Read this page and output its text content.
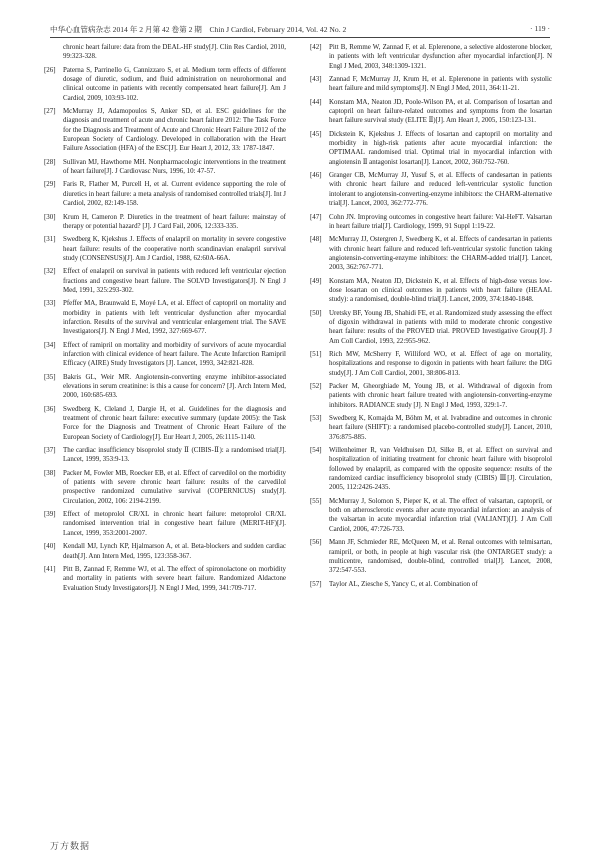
中华心血管病杂志 2014 年 2 月第 42 卷第 2 期　Chin J Cardiol, February 2014, Vol. 42 No. 2	· 119 ·
chronic heart failure: data from the DEAL-HF study[J]. Clin Res Cardiol, 2010, 99:323-328.
[26] Paterna S, Parrinello G, Cannizzaro S, et al. Medium term effects of different dosage of diuretic, sodium, and fluid administration on neurohormonal and clinical outcome in patients with recently compensated heart failure[J]. Am J Cardiol, 2009, 103:93-102.
[27] McMurray JJ, Adamopoulos S, Anker SD, et al. ESC guidelines for the diagnosis and treatment of acute and chronic heart failure 2012: The Task Force for the Diagnosis and Treatment of Acute and Chronic Heart Failure 2012 of the European Society of Cardiology. Developed in collaboration with the Heart Failure Association (HFA) of the ESC[J]. Eur Heart J, 2012, 33: 1787-1847.
[28] Sullivan MJ, Hawthorne MH. Nonpharmacologic interventions in the treatment of heart failure[J]. J Cardiovasc Nurs, 1996, 10: 47-57.
[29] Faris R, Flather M, Purcell H, et al. Current evidence supporting the role of diuretics in heart failure: a meta analysis of randomised controlled trials[J]. Int J Cardiol, 2002, 82:149-158.
[30] Krum H, Cameron P. Diuretics in the treatment of heart failure: mainstay of therapy or potential hazard? [J]. J Card Fail, 2006, 12:333-335.
[31] Swedberg K, Kjekshus J. Effects of enalapril on mortality in severe congestive heart failure: results of the cooperative north scandinavian enalapril survival study (CONSENSUS)[J]. Am J Cardiol, 1988, 62:60A-66A.
[32] Effect of enalapril on survival in patients with reduced left ventricular ejection fractions and congestive heart failure. The SOLVD Investigators[J]. N Engl J Med, 1991, 325:293-302.
[33] Pfeffer MA, Braunwald E, Moyé LA, et al. Effect of captopril on mortality and morbidity in patients with left ventricular dysfunction after myocardial infarction. Results of the survival and ventricular enlargement trial. The SAVE Investigators[J]. N Engl J Med, 1992, 327:669-677.
[34] Effect of ramipril on mortality and morbidity of survivors of acute myocardial infarction with clinical evidence of heart failure. The Acute Infarction Ramipril Efficacy (AIRE) Study Investigators [J]. Lancet, 1993, 342:821-828.
[35] Bakris GL, Weir MR. Angiotensin-converting enzyme inhibitor-associated elevations in serum creatinine: is this a cause for concern? [J]. Arch Intern Med, 2000, 160:685-693.
[36] Swedberg K, Cleland J, Dargie H, et al. Guidelines for the diagnosis and treatment of chronic heart failure: executive summary (update 2005): the Task Force for the Diagnosis and Treatment of Chronic Heart Failure of the European Society of Cardiology[J]. Eur Heart J, 2005, 26:1115-1140.
[37] The cardiac insufficiency bisoprolol study Ⅱ (CIBIS-Ⅱ): a randomised trial[J]. Lancet, 1999, 353:9-13.
[38] Packer M, Fowler MB, Roecker EB, et al. Effect of carvedilol on the morbidity of patients with severe chronic heart failure: results of the carvedilol prospective randomized cumulative survival (COPERNICUS) study[J]. Circulation, 2002, 106: 2194-2199.
[39] Effect of metoprolol CR/XL in chronic heart failure: metoprolol CR/XL randomised intervention trial in congestive heart failure (MERIT-HF)[J]. Lancet, 1999, 353:2001-2007.
[40] Kendall MJ, Lynch KP, Hjalmarson A, et al. Beta-blockers and sudden cardiac death[J]. Ann Intern Med, 1995, 123:358-367.
[41] Pitt B, Zannad F, Remme WJ, et al. The effect of spironolactone on morbidity and mortality in patients with severe heart failure. Randomized Aldactone Evaluation Study Investigators[J]. N Engl J Med, 1999, 341:709-717.
[42] Pitt B, Remme W, Zannad F, et al. Eplerenone, a selective aldosterone blocker, in patients with left ventricular dysfunction after myocardial infarction[J]. N Engl J Med, 2003, 348:1309-1321.
[43] Zannad F, McMurray JJ, Krum H, et al. Eplerenone in patients with systolic heart failure and mild symptoms[J]. N Engl J Med, 2011, 364:11-21.
[44] Konstam MA, Neaton JD, Poole-Wilson PA, et al. Comparison of losartan and captopril on heart failure-related outcomes and symptoms from the losartan heart failure survival study (ELITE Ⅱ)[J]. Am Heart J, 2005, 150:123-131.
[45] Dickstein K, Kjekshus J. Effects of losartan and captopril on mortality and morbidity in high-risk patients after acute myocardial infarction: the OPTIMAAL randomised trial. Optimal trial in myocardial infarction with angiotensin Ⅱ antagonist losartan[J]. Lancet, 2002, 360:752-760.
[46] Granger CB, McMurray JJ, Yusuf S, et al. Effects of candesartan in patients with chronic heart failure and reduced left-ventricular systolic function intolerant to angiotensin-converting-enzyme inhibitors: the CHARM-alternative trial[J]. Lancet, 2003, 362:772-776.
[47] Cohn JN. Improving outcomes in congestive heart failure: Val-HeFT. Valsartan in heart failure trial[J]. Cardiology, 1999, 91 Suppl 1:19-22.
[48] McMurray JJ, Ostergren J, Swedberg K, et al. Effects of candesartan in patients with chronic heart failure and reduced left-ventricular systolic function taking angiotensin-converting-enzyme inhibitors: the CHARM-added trial[J]. Lancet, 2003, 362:767-771.
[49] Konstam MA, Neaton JD, Dickstein K, et al. Effects of high-dose versus low-dose losartan on clinical outcomes in patients with heart failure (HEAAL study): a randomised, double-blind trial[J]. Lancet, 2009, 374:1840-1848.
[50] Uretsky BF, Young JB, Shahidi FE, et al. Randomized study assessing the effect of digoxin withdrawal in patients with mild to moderate chronic congestive heart failure: results of the PROVED trial. PROVED Investigative Group[J]. J Am Coll Cardiol, 1993, 22:955-962.
[51] Rich MW, McSherry F, Williford WO, et al. Effect of age on mortality, hospitalizations and response to digoxin in patients with heart failure: the DIG study[J]. J Am Coll Cardiol, 2001, 38:806-813.
[52] Packer M, Gheorghiade M, Young JB, et al. Withdrawal of digoxin from patients with chronic heart failure treated with angiotensin-converting-enzyme inhibitors. RADIANCE study [J]. N Engl J Med, 1993, 329:1-7.
[53] Swedberg K, Komajda M, Böhm M, et al. Ivabradine and outcomes in chronic heart failure (SHIFT): a randomised placebo-controlled study[J]. Lancet, 2010, 376:875-885.
[54] Willenheimer R, van Veldhuisen DJ, Silke B, et al. Effect on survival and hospitalization of initiating treatment for chronic heart failure with bisoprolol followed by enalapril, as compared with the opposite sequence: results of the randomized cardiac insufficiency bisoprolol study (CIBIS) Ⅲ[J]. Circulation, 2005, 112:2426-2435.
[55] McMurray J, Solomon S, Pieper K, et al. The effect of valsartan, captopril, or both on atherosclerotic events after acute myocardial infarction: an analysis of the valsartan in acute myocardial infarction trial (VALIANT)[J]. J Am Coll Cardiol, 2006, 47:726-733.
[56] Mann JF, Schmieder RE, McQueen M, et al. Renal outcomes with telmisartan, ramipril, or both, in people at high vascular risk (the ONTARGET study): a multicentre, randomised, double-blind, controlled trial[J]. Lancet, 2008, 372:547-553.
[57] Taylor AL, Ziesche S, Yancy C, et al. Combination of
万方数据
